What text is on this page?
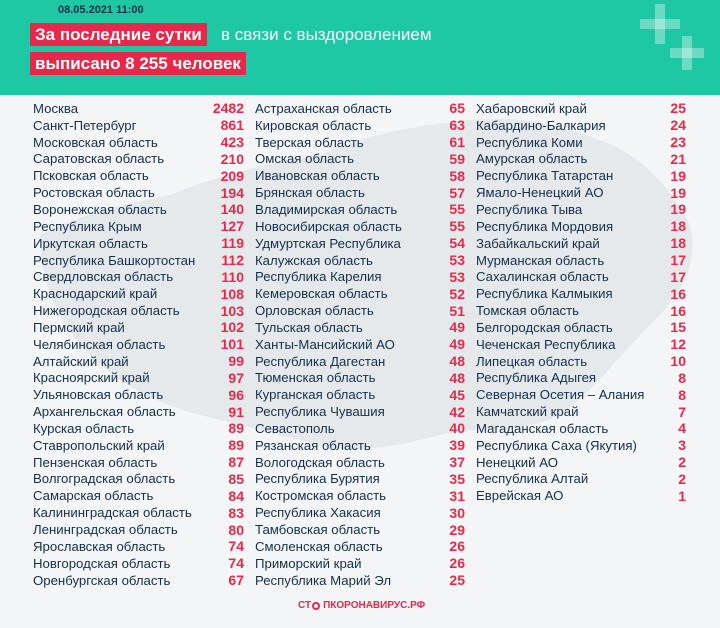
08.05.2021 11:00
За последние сутки в связи с выздоровлением
выписано 8 255 человек
Москва	2482
Санкт-Петербург	861
Московская область	423
Саратовская область	210
Псковская область	209
Ростовская область	194
Воронежская область	140
Республика Крым	127
Иркутская область	119
Республика Башкортостан 112
Свердловская область	110
Краснодарский край	108
Нижегородская область	103
Пермский край	102
Челябинская область	101
Алтайский край	99
Красноярский край	97
Ульяновская область	96
Архангельская область	91
Курская область	89
Ставропольский край	89
Пензенская область	87
Волгоградская область	85
Самарская область	84
Калининградская область	83
Ленинградская область	80
Ярославская область	74
Новгородская область	74
Оренбургская область	67
Астраханская область	65
Кировская область	63
Тверская область	61
Омская область	59
Ивановская область	58
Брянская область	57
Владимирская область	55
Новосибирская область	55
Удмуртская Республика	54
Калужская область	53
Республика Карелия	53
Кемеровская область	52
Орловская область	51
Тульская область	49
Ханты-Мансийский АО	49
Республика Дагестан	48
Тюменская область	48
Курганская область	45
Республика Чувашия	42
Севастополь	40
Рязанская область	39
Вологодская область	37
Республика Бурятия	35
Костромская область	31
Республика Хакасия	30
Тамбовская область	29
Смоленская область	26
Приморский край	26
Республика Марий Эл	25
Хабаровский край	25
Кабардино-Балкария	24
Республика Коми	23
Амурская область	21
Республика Татарстан	19
Ямало-Ненецкий АО	19
Республика Тыва	19
Республика Мордовия	18
Забайкальский край	18
Мурманская область	17
Сахалинская область	17
Республика Калмыкия	16
Томская область	16
Белгородская область	15
Чеченская Республика	12
Липецкая область	10
Республика Адыгея	8
Северная Осетия – Алания 8
Камчатский край	7
Магаданская область	4
Республика Саха (Якутия)	3
Ненецкий АО	2
Республика Алтай	2
Еврейская АО	1
СТ ПКОРОНАВИРУС.РФ
